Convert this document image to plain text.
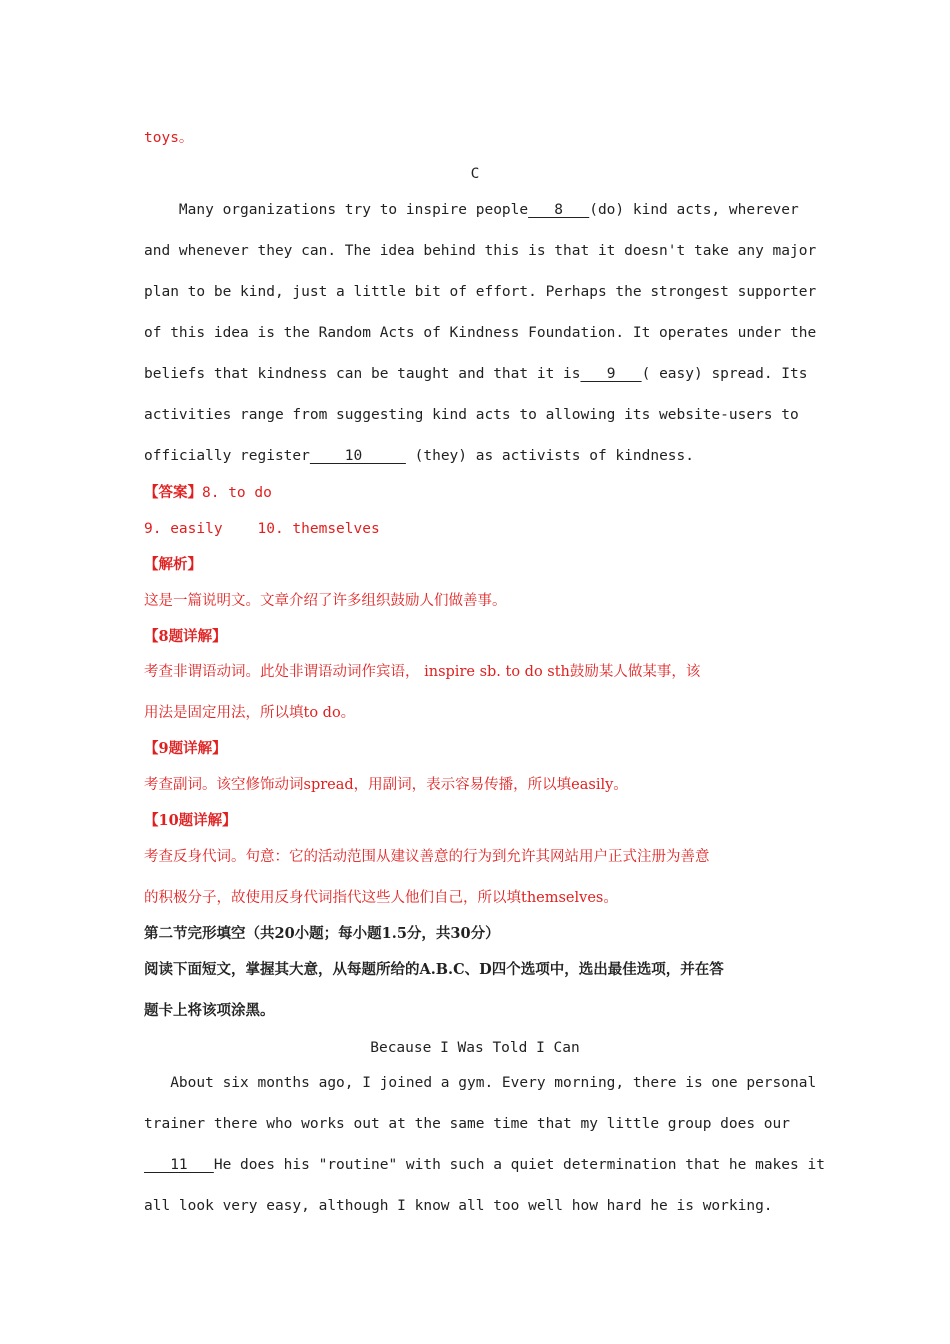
toys。
C
Many organizations try to inspire people   8   (do) kind acts, wherever
and whenever they can. The idea behind this is that it doesn't take any major
plan to be kind, just a little bit of effort. Perhaps the strongest supporter
of this idea is the Random Acts of Kindness Foundation. It operates under the
beliefs that kindness can be taught and that it is   9   ( easy) spread. Its
activities range from suggesting kind acts to allowing its website-users to
officially register    10      (they) as activists of kindness.
【答案】8. to do
9. easily    10. themselves
【解析】
这是一篇说明文。文章介绍了许多组织鼓励人们做善事。
【8题详解】
考查非谓语动词。此处非谓语动词作宾语， inspire sb. to do sth鼓励某人做某事，该
用法是固定用法，所以填to do。
【9题详解】
考查副词。该空修饰动词spread，用副词，表示容易传播，所以填easily。
【10题详解】
考查反身代词。句意：它的活动范围从建议善意的行为到允许其网站用户正式注册为善意
的积极分子，故使用反身代词指代这些人他们自己，所以填themselves。
第二节完形填空（共20小题；每小题1.5分，共30分）
阅读下面短文，掌握其大意，从每题所给的A.B.C、D四个选项中，选出最佳选项，并在答
题卡上将该项涂黑。
Because I Was Told I Can
About six months ago, I joined a gym. Every morning, there is one personal
trainer there who works out at the same time that my little group does our
11   He does his "routine" with such a quiet determination that he makes it
all look very easy, although I know all too well how hard he is working.
